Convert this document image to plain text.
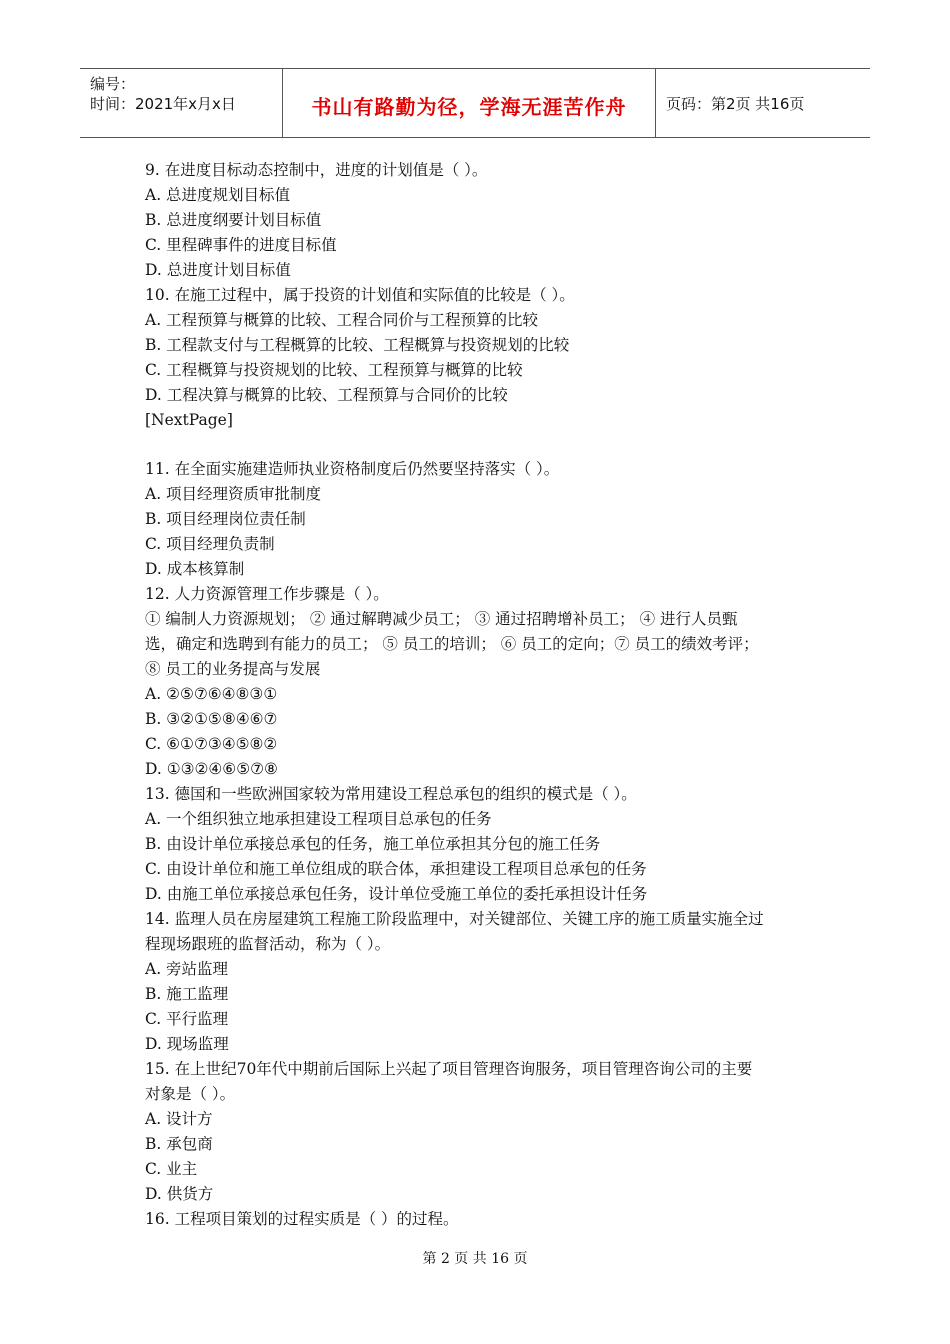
编号：
时间：2021年x月x日	书山有路勤为径，学海无涯苦作舟	页码：第2页 共16页
9. 在进度目标动态控制中，进度的计划值是（ ）。
A. 总进度规划目标值
B. 总进度纲要计划目标值
C. 里程碑事件的进度目标值
D. 总进度计划目标值
10. 在施工过程中，属于投资的计划值和实际值的比较是（ ）。
A. 工程预算与概算的比较、工程合同价与工程预算的比较
B. 工程款支付与工程概算的比较、工程概算与投资规划的比较
C. 工程概算与投资规划的比较、工程预算与概算的比较
D. 工程决算与概算的比较、工程预算与合同价的比较
[NextPage]
11. 在全面实施建造师执业资格制度后仍然要坚持落实（ ）。
A. 项目经理资质审批制度
B. 项目经理岗位责任制
C. 项目经理负责制
D. 成本核算制
12. 人力资源管理工作步骤是（ ）。
① 编制人力资源规划； ② 通过解聘减少员工； ③ 通过招聘增补员工； ④ 进行人员甄
选，确定和选聘到有能力的员工； ⑤ 员工的培训； ⑥ 员工的定向；⑦ 员工的绩效考评；
⑧ 员工的业务提高与发展
A. ②⑤⑦⑥④⑧③①
B. ③②①⑤⑧④⑥⑦
C. ⑥①⑦③④⑤⑧②
D. ①③②④⑥⑤⑦⑧
13. 德国和一些欧洲国家较为常用建设工程总承包的组织的模式是（ ）。
A. 一个组织独立地承担建设工程项目总承包的任务
B. 由设计单位承接总承包的任务，施工单位承担其分包的施工任务
C. 由设计单位和施工单位组成的联合体，承担建设工程项目总承包的任务
D. 由施工单位承接总承包任务，设计单位受施工单位的委托承担设计任务
14. 监理人员在房屋建筑工程施工阶段监理中，对关键部位、关键工序的施工质量实施全过
程现场跟班的监督活动，称为（ ）。
A. 旁站监理
B. 施工监理
C. 平行监理
D. 现场监理
15. 在上世纪70年代中期前后国际上兴起了项目管理咨询服务，项目管理咨询公司的主要
对象是（ ）。
A. 设计方
B. 承包商
C. 业主
D. 供货方
16. 工程项目策划的过程实质是（ ）的过程。
第 2 页 共 16 页
